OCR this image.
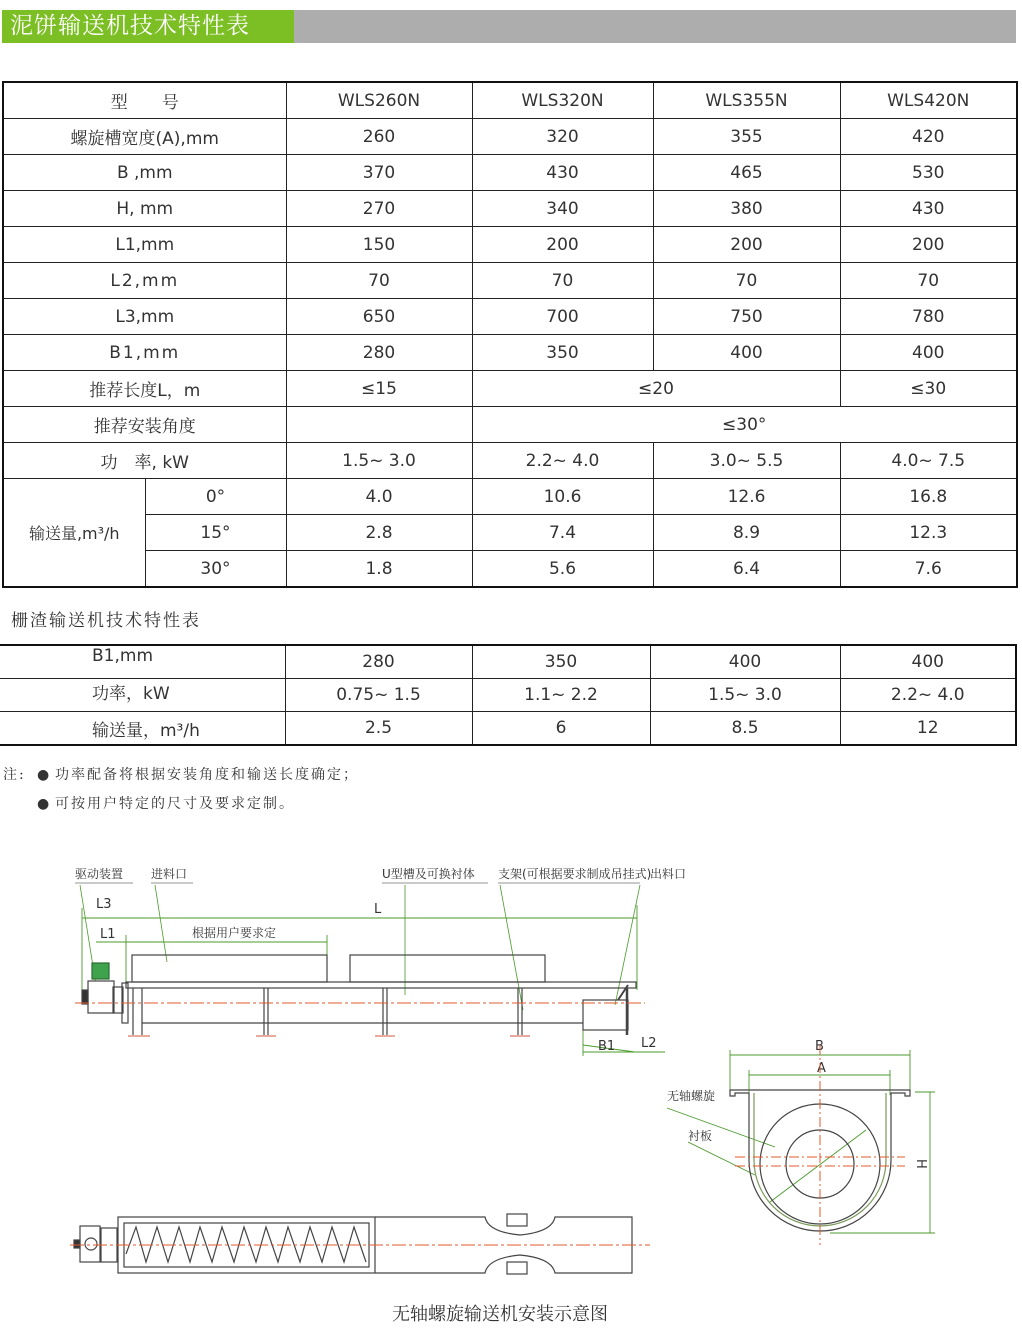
泥饼输送机技术特性表
型　　号		WLS260N	WLS320N	WLS355N	WLS420N
螺旋槽宽度(A),mm		260	320	355	420
B ,mm		370	430	465	530
H, mm		270	340	380	430
L1,mm		150	200	200	200
L2,mm		70	70	70	70
L3,mm		650	700	750	780
B1,mm		280	350	400	400
推荐长度L，m		≤15	≤20		≤30
推荐安装角度			≤30°		
功　率, kW		1.5~ 3.0	2.2~ 4.0	3.0~ 5.5	4.0~ 7.5
输送量,m³/h	0°	4.0	10.6	12.6	16.8
	15°	2.8	7.4	8.9	12.3
	30°	1.8	5.6	6.4	7.6
栅渣输送机技术特性表
B1,mm	280	350	400	400
功率，kW	0.75~ 1.5	1.1~ 2.2	1.5~ 3.0	2.2~ 4.0
输送量，m³/h	2.5	6	8.5	12
注: ● 功率配备将根据安装角度和输送长度确定；
● 可按用户特定的尺寸及要求定制。
驱动装置 进料口	U型槽及可换衬体 支架(可根据要求制成吊挂式)
出料口
L3
L1
L
根据用户要求定
B1 L2	B
A
H
无轴螺旋
衬板
无轴螺旋输送机安装示意图
